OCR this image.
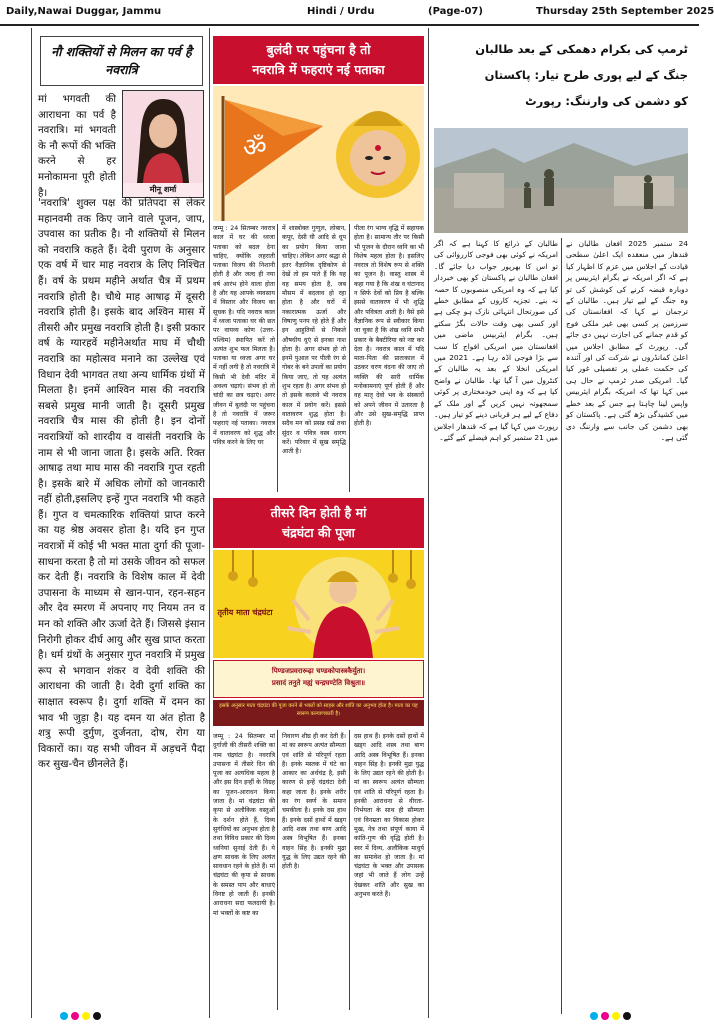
Daily,Nawai Duggar, Jammu	Hindi / Urdu	(Page-07)	Thursday 25th September 2025
नौ शक्तियों से मिलन का पर्व है नवरात्रि
मां भगवती की आराधना का पर्व है नवरात्रि। मां भगवती के नौ रूपों की भक्ति करने से हर मनोकामना पूरी होती है।	मीनू शर्मा
'नवरात्रि' शुक्ल पक्ष की प्रतिपदा से लेकर महानवमी तक किए जाने वाले पूजन, जाप, उपवास का प्रतीक है। नौ शक्तियों से मिलन को नवरात्रि कहते हैं। देवी पुराण के अनुसार एक वर्ष में चार माह नवरात्र के लिए निश्चित हैं। वर्ष के प्रथम महीने अर्थात चैत्र में प्रथम नवरात्रि होती है। चौथे माह आषाढ़ में दूसरी नवरात्रि होती है। इसके बाद अश्विन मास में तीसरी और प्रमुख नवरात्रि होती है। इसी प्रकार वर्ष के ग्यारहवें महीनेअर्थात माघ में चौथी नवरात्रि का महोत्सव मनाने का उल्लेख एवं विधान देवी भागवत तथा अन्य धार्मिक ग्रंथों में मिलता है। इनमें आश्विन मास की नवरात्रि सबसे प्रमुख मानी जाती है। दूसरी प्रमुख नवरात्रि चैत्र मास की होती है। इन दोनों नवरात्रियों को शारदीय व वासंती नवरात्रि के नाम से भी जाना जाता है। इसके अति. रिक्त आषाढ़ तथा माघ मास की नवरात्रि गुप्त रहती है। इसके बारे में अधिक लोगों को जानकारी नहीं होती,इसलिए इन्हें गुप्त नवरात्रि भी कहते हैं। गुप्त व चमत्कारिक शक्तियां प्राप्त करने का यह श्रेष्ठ अवसर होता है। यदि इन गुप्त नवरात्रों में कोई भी भक्त माता दुर्गा की पूजा-साधना करता है तो मां उसके जीवन को सफल कर देती हैं। नवरात्रि के विशेष काल में देवी उपासना के माध्यम से खान-पान, रहन-सहन और देव स्मरण में अपनाए गए नियम तन व मन को शक्ति और ऊर्जा देते हैं। जिससे इंसान निरोगी होकर दीर्घ आयु और सुख प्राप्त करता है। धर्म ग्रंथों के अनुसार गुप्त नवरात्रि में प्रमुख रूप से भगवान शंकर व देवी शक्ति की आराधना की जाती है। देवी दुर्गा शक्ति का साक्षात स्वरूप है। दुर्गा शक्ति में दमन का भाव भी जुड़ा है। यह दमन या अंत होता है शत्रु रूपी दुर्गुण, दुर्जनता, दोष, रोग या विकारों का। यह सभी जीवन में अड़चनें पैदा कर सुख-चैन छीनलेते हैं।
बुलंदी पर पहुंचना है तो
नवरात्रि में फहराएं नई पताका
ॐ
जम्मू : 24 सितम्बर नवरात्र काल में घर की ध्वजा पताका को बदल देना चाहिए, क्योंकि लहराती पताका विजय की निशानी होती है और जल्द ही नया वर्ष आरंभ होने वाला होता है और यह आपके व्यवसाय में विस्तार और विजय का सूचक है। यदि नवरात्र काल में ध्वजा पताका घर की छत पर वायव्य कोण (उत्तर-पश्चिम) स्थापित करें तो अत्यंत शुभ फल मिलता है। पताका या ध्वजा अगर घर में नहीं लगी है तो नवरात्रि में किसी भी देवी मंदिर में अवश्य चढ़ाएं। संभव हो तो चांदी का छत्र चढ़ाएं। अगर जीवन में बुलंदी पर पहुंचना है तो नवरात्रि में जरूर फहराएं नई पताका। नवरात्र में वातावरण को शुद्ध और पवित्र करने के लिए घर
में शास्त्रोक्त गुग्गुल, लोबान, कपूर, देसी घी आदि से धूप का प्रयोग किया जाना चाहिए। लेकिन अगर श्रद्धा से इतर वैज्ञानिक दृष्टिकोण से देखें तो हम पाते हैं कि यह वह समय होता है, जब मौसम में बदलाव हो रहा होता है और घरों में नकारात्मक ऊर्जा और विषाणु पनप रहे होते हैं और इन आहुतियों से निकले औषधीय धुएं से इनका नाश होता है। अगर संभव हो तो इनमें पुआल पर पीली रंग से गोबर के बने उपलों का प्रयोग किया जाए, तो यह अत्यंत शुभ रहता है। अगर संभव हो तो इसके कलावे भी नवरात्र काल में प्रयोग करें। इससे वातावरण शुद्ध होता है। सदैव मन को प्रसन्न रखें तथा सुंदर व पवित्र वस्त्र धारण करें। परिवार में सुख समृद्धि आती है।
पीला रंग भाग्य वृद्धि में सहायक होता है। सामान्य तौर पर किसी भी पूजन के दौरान ध्वनि का भी विशेष महत्व होता है। इसलिए नवरात्र तो विशेष रूप से शक्ति का पूजन है। वास्तु शास्त्र में कहा गया है कि शंख व घंटानाद न सिर्फ देवों को प्रिय है बल्कि इससे वातावरण में भी शुद्धि और पवित्रता आती है। वैसे इसे वैज्ञानिक रूप से स्वीकार किया जा चुका है कि शंख ध्वनि सभी प्रकार के बैक्टीरिया को नष्ट कर देता है। नवरात्र काल में यदि माता-पिता की प्रातःकाल में उठकर चरण वंदना की जाए तो व्यक्ति की सारी धार्मिक मनोकामनाएं पूर्ण होती हैं और वह मातृ देवो भव के संस्कारों को अपने जीवन में उतारता है और उसे सुख-समृद्धि प्राप्त होती है।
तीसरे दिन होती है मां
चंद्रघंटा की पूजा
तृतीय माता चंद्रघंटा
पिण्डजप्रवरारूढ़ा चण्डकोपास्त्रकैर्युता।
प्रसादं तनुते मह्यं चन्द्रघण्टेति विश्रुता॥
इसके अनुसार माता चंद्रघंटा की पूजा करने से भक्तों को साहस और शांति का अनुभव होता है। माता का यह स्वरूप कल्याणकारी है।
जम्मू : 24 सितम्बर मां दुर्गाजी की तीसरी शक्ति का नाम चंद्रघंटा है। नवरात्रि उपासना में तीसरे दिन की पूजा का अत्यधिक महत्व है और इस दिन इन्हीं के विग्रह का पूजन-आराधन किया जाता है। मां चंद्रघंटा की कृपा से अलौकिक वस्तुओं के दर्शन होते हैं, दिव्य सुगंधियों का अनुभव होता है तथा विविध प्रकार की दिव्य ध्वनियां सुनाई देती हैं। ये क्षण साधक के लिए अत्यंत सावधान रहने के होते हैं। मां चंद्रघंटा की कृपा से साधक के समस्त पाप और बाधाएं विनष्ट हो जाती हैं। इनकी आराधना सदा फलदायी है। मां भक्तों के कष्ट का
निवारण शीघ्र ही कर देती हैं। मां का स्वरूप अत्यंत सौम्यता एवं शांति से परिपूर्ण रहता है। इनके मस्तक में घंटे का आकार का अर्धचंद्र है, इसी कारण से इन्हें चंद्रघंटा देवी कहा जाता है। इनके शरीर का रंग स्वर्ण के समान चमकीला है। इनके दस हाथ हैं। इनके दसों हाथों में खड्ग आदि शस्त्र तथा बाण आदि अस्त्र विभूषित हैं। इनका वाहन सिंह है। इनकी मुद्रा युद्ध के लिए उद्यत रहने की होती है।
दस हाथ हैं। इनके दसों हाथों में खड्ग आदि शस्त्र तथा बाण आदि अस्त्र विभूषित हैं। इनका वाहन सिंह है। इनकी मुद्रा युद्ध के लिए उद्यत रहने की होती है। मां का स्वरूप अत्यंत सौम्यता एवं शांति से परिपूर्ण रहता है। इनकी आराधना से वीरता-निर्भयता के साथ ही सौम्यता एवं विनम्रता का विकास होकर मुख, नेत्र तथा संपूर्ण काया में कांति-गुण की वृद्धि होती है। स्वर में दिव्य, अलौकिक माधुर्य का समावेश हो जाता है। मां चंद्रघंटा के भक्त और उपासक जहां भी जाते हैं लोग उन्हें देखकर शांति और सुख का अनुभव करते हैं।
ٹرمپ کی بکرام دھمکی کے بعد طالبان
جنگ کے لیے پوری طرح تیار: پاکستان
کو دشمن کی وارننگ: رپورٹ
24 ستمبر 2025 افغان طالبان نے قندھار میں منعقدہ ایک اعلیٰ سطحی قیادت کے اجلاس میں عزم کا اظہار کیا ہے کہ اگر امریکہ نے بگرام ایئربیس پر دوبارہ قبضہ کرنے کی کوشش کی تو وہ جنگ کے لیے تیار ہیں۔ طالبان کے ترجمان نے کہا کہ افغانستان کی سرزمین پر کسی بھی غیر ملکی فوج کو قدم جمانے کی اجازت نہیں دی جائے گی۔ رپورٹ کے مطابق اجلاس میں اعلیٰ کمانڈروں نے شرکت کی اور آئندہ کی حکمت عملی پر تفصیلی غور کیا گیا۔ امریکی صدر ٹرمپ نے حال ہی میں کہا تھا کہ امریکہ بگرام ایئربیس واپس لینا چاہتا ہے جس کے بعد خطے میں کشیدگی بڑھ گئی ہے۔ پاکستان کو بھی دشمن کی جانب سے وارننگ دی گئی ہے۔
طالبان کے ذرائع کا کہنا ہے کہ اگر امریکہ نے کوئی بھی فوجی کارروائی کی تو اس کا بھرپور جواب دیا جائے گا۔ افغان طالبان نے پاکستان کو بھی خبردار کیا ہے کہ وہ امریکی منصوبوں کا حصہ نہ بنے۔ تجزیہ کاروں کے مطابق خطے کی صورتحال انتہائی نازک ہو چکی ہے اور کسی بھی وقت حالات بگڑ سکتے ہیں۔ بگرام ایئربیس ماضی میں افغانستان میں امریکی افواج کا سب سے بڑا فوجی اڈہ رہا ہے۔ 2021 میں امریکی انخلا کے بعد یہ طالبان کے کنٹرول میں آ گیا تھا۔ طالبان نے واضح کیا ہے کہ وہ اپنی خودمختاری پر کوئی سمجھوتہ نہیں کریں گے اور ملک کے دفاع کے لیے ہر قربانی دینے کو تیار ہیں۔ رپورٹ میں کہا گیا ہے کہ قندھار اجلاس میں 21 ستمبر کو اہم فیصلے کیے گئے۔
